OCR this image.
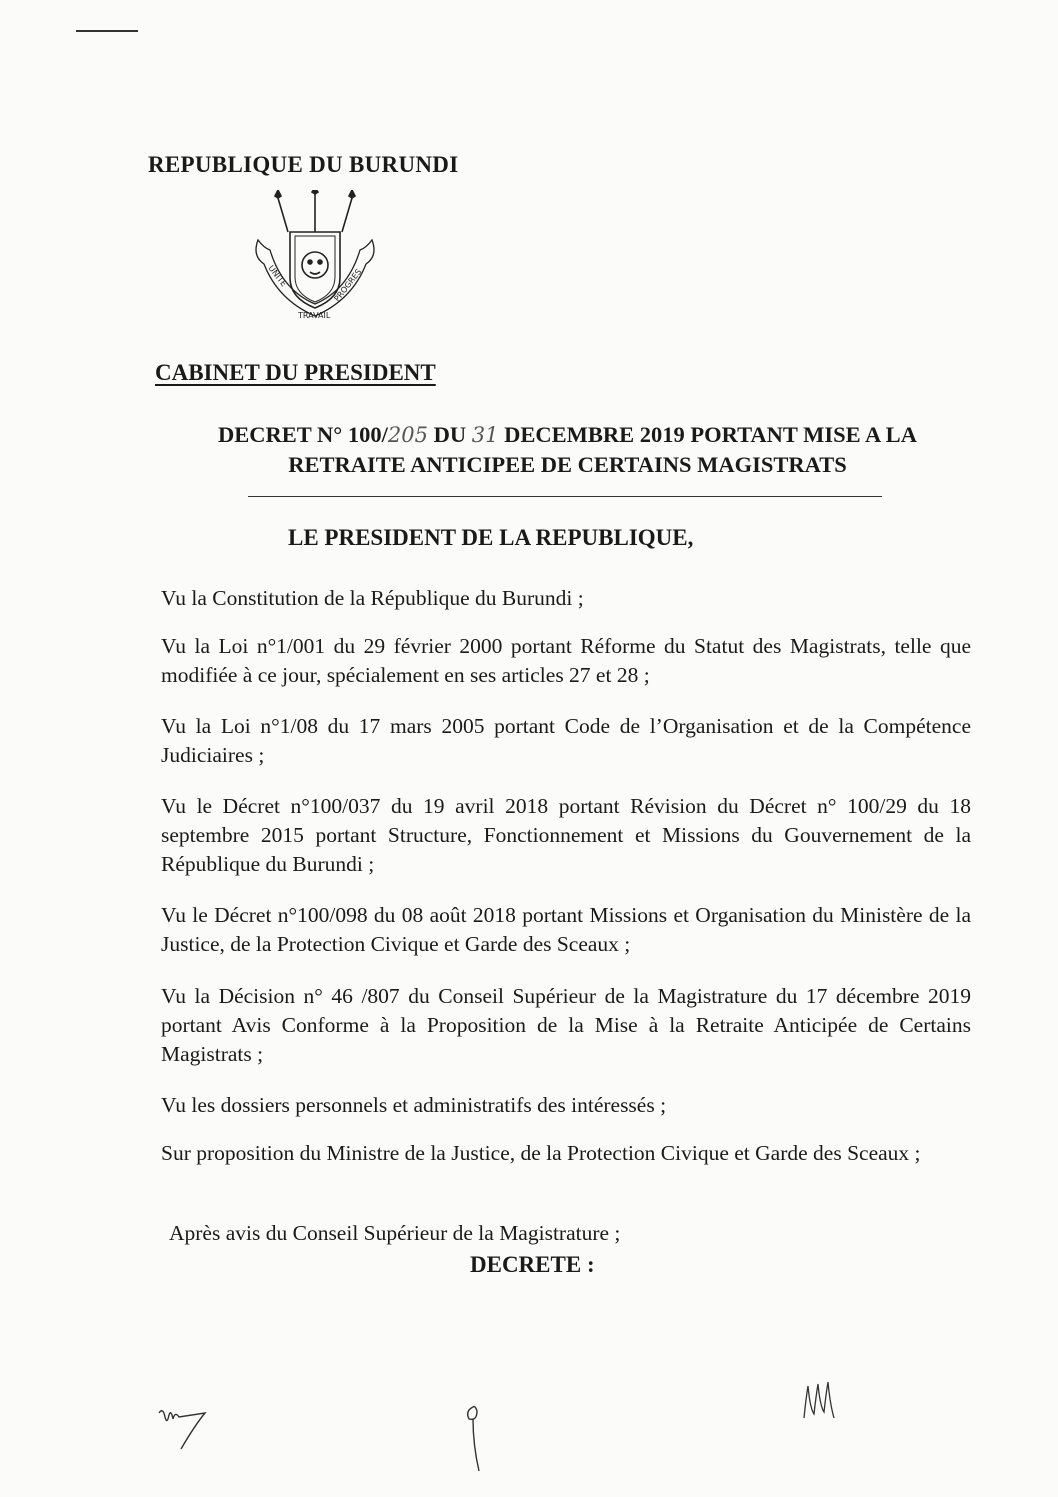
REPUBLIQUE DU BURUNDI
UNITE
TRAVAIL
PROGRES
CABINET DU PRESIDENT
DECRET N° 100/205 DU 31 DECEMBRE 2019 PORTANT MISE A LA
RETRAITE ANTICIPEE DE CERTAINS MAGISTRATS
LE PRESIDENT DE LA REPUBLIQUE,
Vu la Constitution de la République du Burundi ;
Vu la Loi n°1/001 du 29 février 2000 portant Réforme du Statut des Magistrats, telle que modifiée à ce jour, spécialement en ses articles 27 et 28 ;
Vu la Loi n°1/08 du 17 mars 2005 portant Code de l’Organisation et de la Compétence Judiciaires ;
Vu le Décret n°100/037 du 19 avril 2018 portant Révision du Décret n° 100/29 du 18 septembre 2015 portant Structure, Fonctionnement et Missions du Gouvernement de la République du Burundi ;
Vu le Décret n°100/098 du 08 août 2018 portant Missions et Organisation du Ministère de la Justice, de la Protection Civique et Garde des Sceaux ;
Vu la Décision n° 46 /807 du Conseil Supérieur de la Magistrature du 17 décembre 2019 portant Avis Conforme à la Proposition de la Mise à la Retraite Anticipée de Certains Magistrats ;
Vu les dossiers personnels et administratifs des intéressés ;
Sur proposition du Ministre de la Justice, de la Protection Civique et Garde des Sceaux ;
Après avis du Conseil Supérieur de la Magistrature ;
DECRETE :
